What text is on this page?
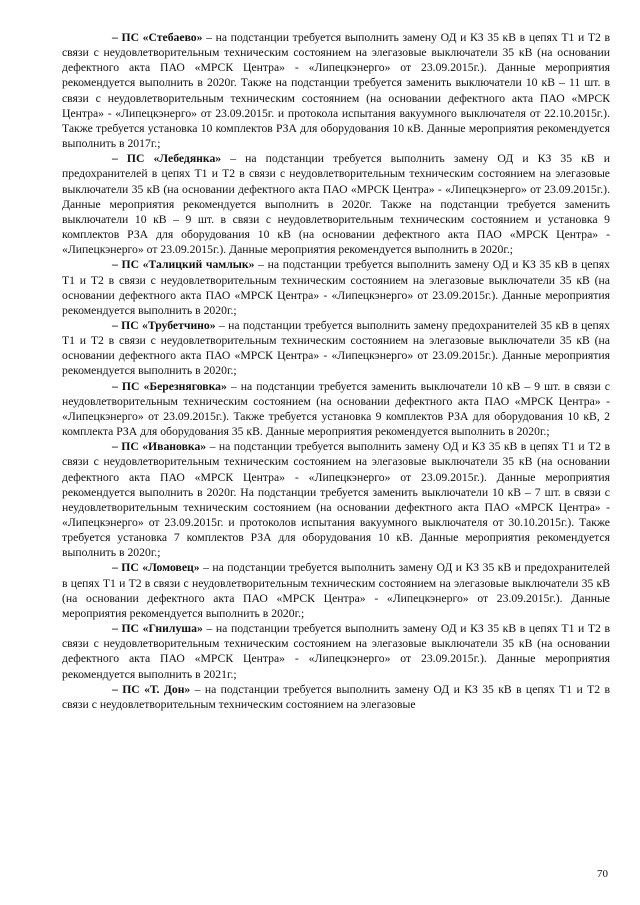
– ПС «Стебаево» – на подстанции требуется выполнить замену ОД и КЗ 35 кВ в цепях Т1 и Т2 в связи с неудовлетворительным техническим состоянием на элегазовые выключатели 35 кВ (на основании дефектного акта ПАО «МРСК Центра» - «Липецкэнерго» от 23.09.2015г.). Данные мероприятия рекомендуется выполнить в 2020г. Также на подстанции требуется заменить выключатели 10 кВ – 11 шт. в связи с неудовлетворительным техническим состоянием (на основании дефектного акта ПАО «МРСК Центра» - «Липецкэнерго» от 23.09.2015г. и протокола испытания вакуумного выключателя от 22.10.2015г.). Также требуется установка 10 комплектов РЗА для оборудования 10 кВ. Данные мероприятия рекомендуется выполнить в 2017г.;

– ПС «Лебедянка» – на подстанции требуется выполнить замену ОД и КЗ 35 кВ и предохранителей в цепях Т1 и Т2 в связи с неудовлетворительным техническим состоянием на элегазовые выключатели 35 кВ (на основании дефектного акта ПАО «МРСК Центра» - «Липецкэнерго» от 23.09.2015г.). Данные мероприятия рекомендуется выполнить в 2020г. Также на подстанции требуется заменить выключатели 10 кВ – 9 шт. в связи с неудовлетворительным техническим состоянием и установка 9 комплектов РЗА для оборудования 10 кВ (на основании дефектного акта ПАО «МРСК Центра» - «Липецкэнерго» от 23.09.2015г.). Данные мероприятия рекомендуется выполнить в 2020г.;

– ПС «Талицкий чамлык» – на подстанции требуется выполнить замену ОД и КЗ 35 кВ в цепях Т1 и Т2 в связи с неудовлетворительным техническим состоянием на элегазовые выключатели 35 кВ (на основании дефектного акта ПАО «МРСК Центра» - «Липецкэнерго» от 23.09.2015г.). Данные мероприятия рекомендуется выполнить в 2020г.;

– ПС «Трубетчино» – на подстанции требуется выполнить замену предохранителей 35 кВ в цепях Т1 и Т2 в связи с неудовлетворительным техническим состоянием на элегазовые выключатели 35 кВ (на основании дефектного акта ПАО «МРСК Центра» - «Липецкэнерго» от 23.09.2015г.). Данные мероприятия рекомендуется выполнить в 2020г.;

– ПС «Березняговка» – на подстанции требуется заменить выключатели 10 кВ – 9 шт. в связи с неудовлетворительным техническим состоянием (на основании дефектного акта ПАО «МРСК Центра» - «Липецкэнерго» от 23.09.2015г.). Также требуется установка 9 комплектов РЗА для оборудования 10 кВ, 2 комплекта РЗА для оборудования 35 кВ. Данные мероприятия рекомендуется выполнить в 2020г.;

– ПС «Ивановка» – на подстанции требуется выполнить замену ОД и КЗ 35 кВ в цепях Т1 и Т2 в связи с неудовлетворительным техническим состоянием на элегазовые выключатели 35 кВ (на основании дефектного акта ПАО «МРСК Центра» - «Липецкэнерго» от 23.09.2015г.). Данные мероприятия рекомендуется выполнить в 2020г. На подстанции требуется заменить выключатели 10 кВ – 7 шт. в связи с неудовлетворительным техническим состоянием (на основании дефектного акта ПАО «МРСК Центра» - «Липецкэнерго» от 23.09.2015г. и протоколов испытания вакуумного выключателя от 30.10.2015г.). Также требуется установка 7 комплектов РЗА для оборудования 10 кВ. Данные мероприятия рекомендуется выполнить в 2020г.;

– ПС «Ломовец» – на подстанции требуется выполнить замену ОД и КЗ 35 кВ и предохранителей в цепях Т1 и Т2 в связи с неудовлетворительным техническим состоянием на элегазовые выключатели 35 кВ (на основании дефектного акта ПАО «МРСК Центра» - «Липецкэнерго» от 23.09.2015г.). Данные мероприятия рекомендуется выполнить в 2020г.;

– ПС «Гнилуша» – на подстанции требуется выполнить замену ОД и КЗ 35 кВ в цепях Т1 и Т2 в связи с неудовлетворительным техническим состоянием на элегазовые выключатели 35 кВ (на основании дефектного акта ПАО «МРСК Центра» - «Липецкэнерго» от 23.09.2015г.). Данные мероприятия рекомендуется выполнить в 2021г.;

– ПС «Т. Дон» – на подстанции требуется выполнить замену ОД и КЗ 35 кВ в цепях Т1 и Т2 в связи с неудовлетворительным техническим состоянием на элегазовые

70
